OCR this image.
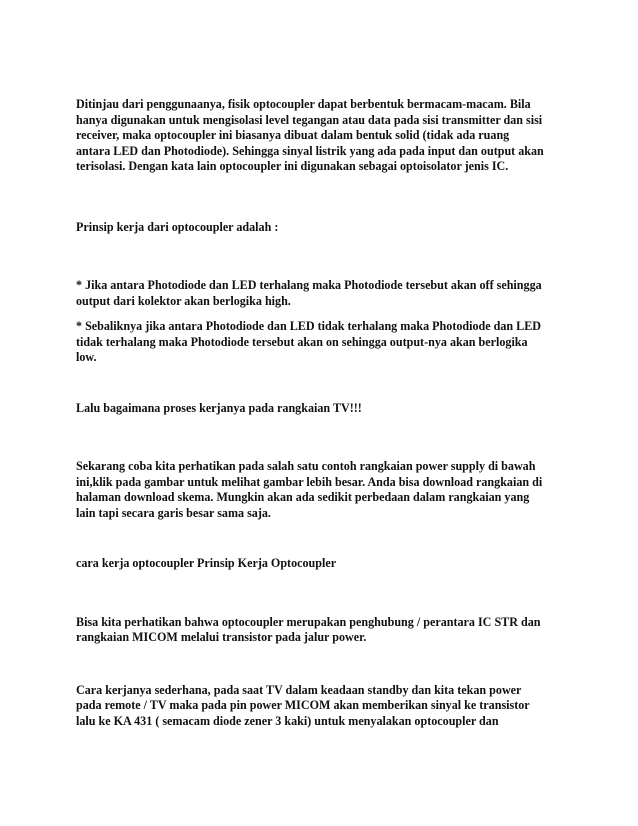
Ditinjau dari penggunaanya, fisik optocoupler dapat berbentuk bermacam-macam. Bila
hanya digunakan untuk mengisolasi level tegangan atau data pada sisi transmitter dan sisi
receiver, maka optocoupler ini biasanya dibuat dalam bentuk solid (tidak ada ruang
antara LED dan Photodiode). Sehingga sinyal listrik yang ada pada input dan output akan
terisolasi. Dengan kata lain optocoupler ini digunakan sebagai optoisolator jenis IC.

Prinsip kerja dari optocoupler adalah :

* Jika antara Photodiode dan LED terhalang maka Photodiode tersebut akan off sehingga
output dari kolektor akan berlogika high.

* Sebaliknya jika antara Photodiode dan LED tidak terhalang maka Photodiode dan LED
tidak terhalang maka Photodiode tersebut akan on sehingga output-nya akan berlogika
low.

Lalu bagaimana proses kerjanya pada rangkaian TV!!!

Sekarang coba kita perhatikan pada salah satu contoh rangkaian power supply di bawah
ini,klik pada gambar untuk melihat gambar lebih besar. Anda bisa download rangkaian di
halaman download skema. Mungkin akan ada sedikit perbedaan dalam rangkaian yang
lain tapi secara garis besar sama saja.

cara kerja optocoupler Prinsip Kerja Optocoupler

Bisa kita perhatikan bahwa optocoupler merupakan penghubung / perantara IC STR dan
rangkaian MICOM melalui transistor pada jalur power.

Cara kerjanya sederhana, pada saat TV dalam keadaan standby dan kita tekan power
pada remote / TV maka pada pin power MICOM akan memberikan sinyal ke transistor
lalu ke KA 431 ( semacam diode zener 3 kaki) untuk menyalakan optocoupler dan
